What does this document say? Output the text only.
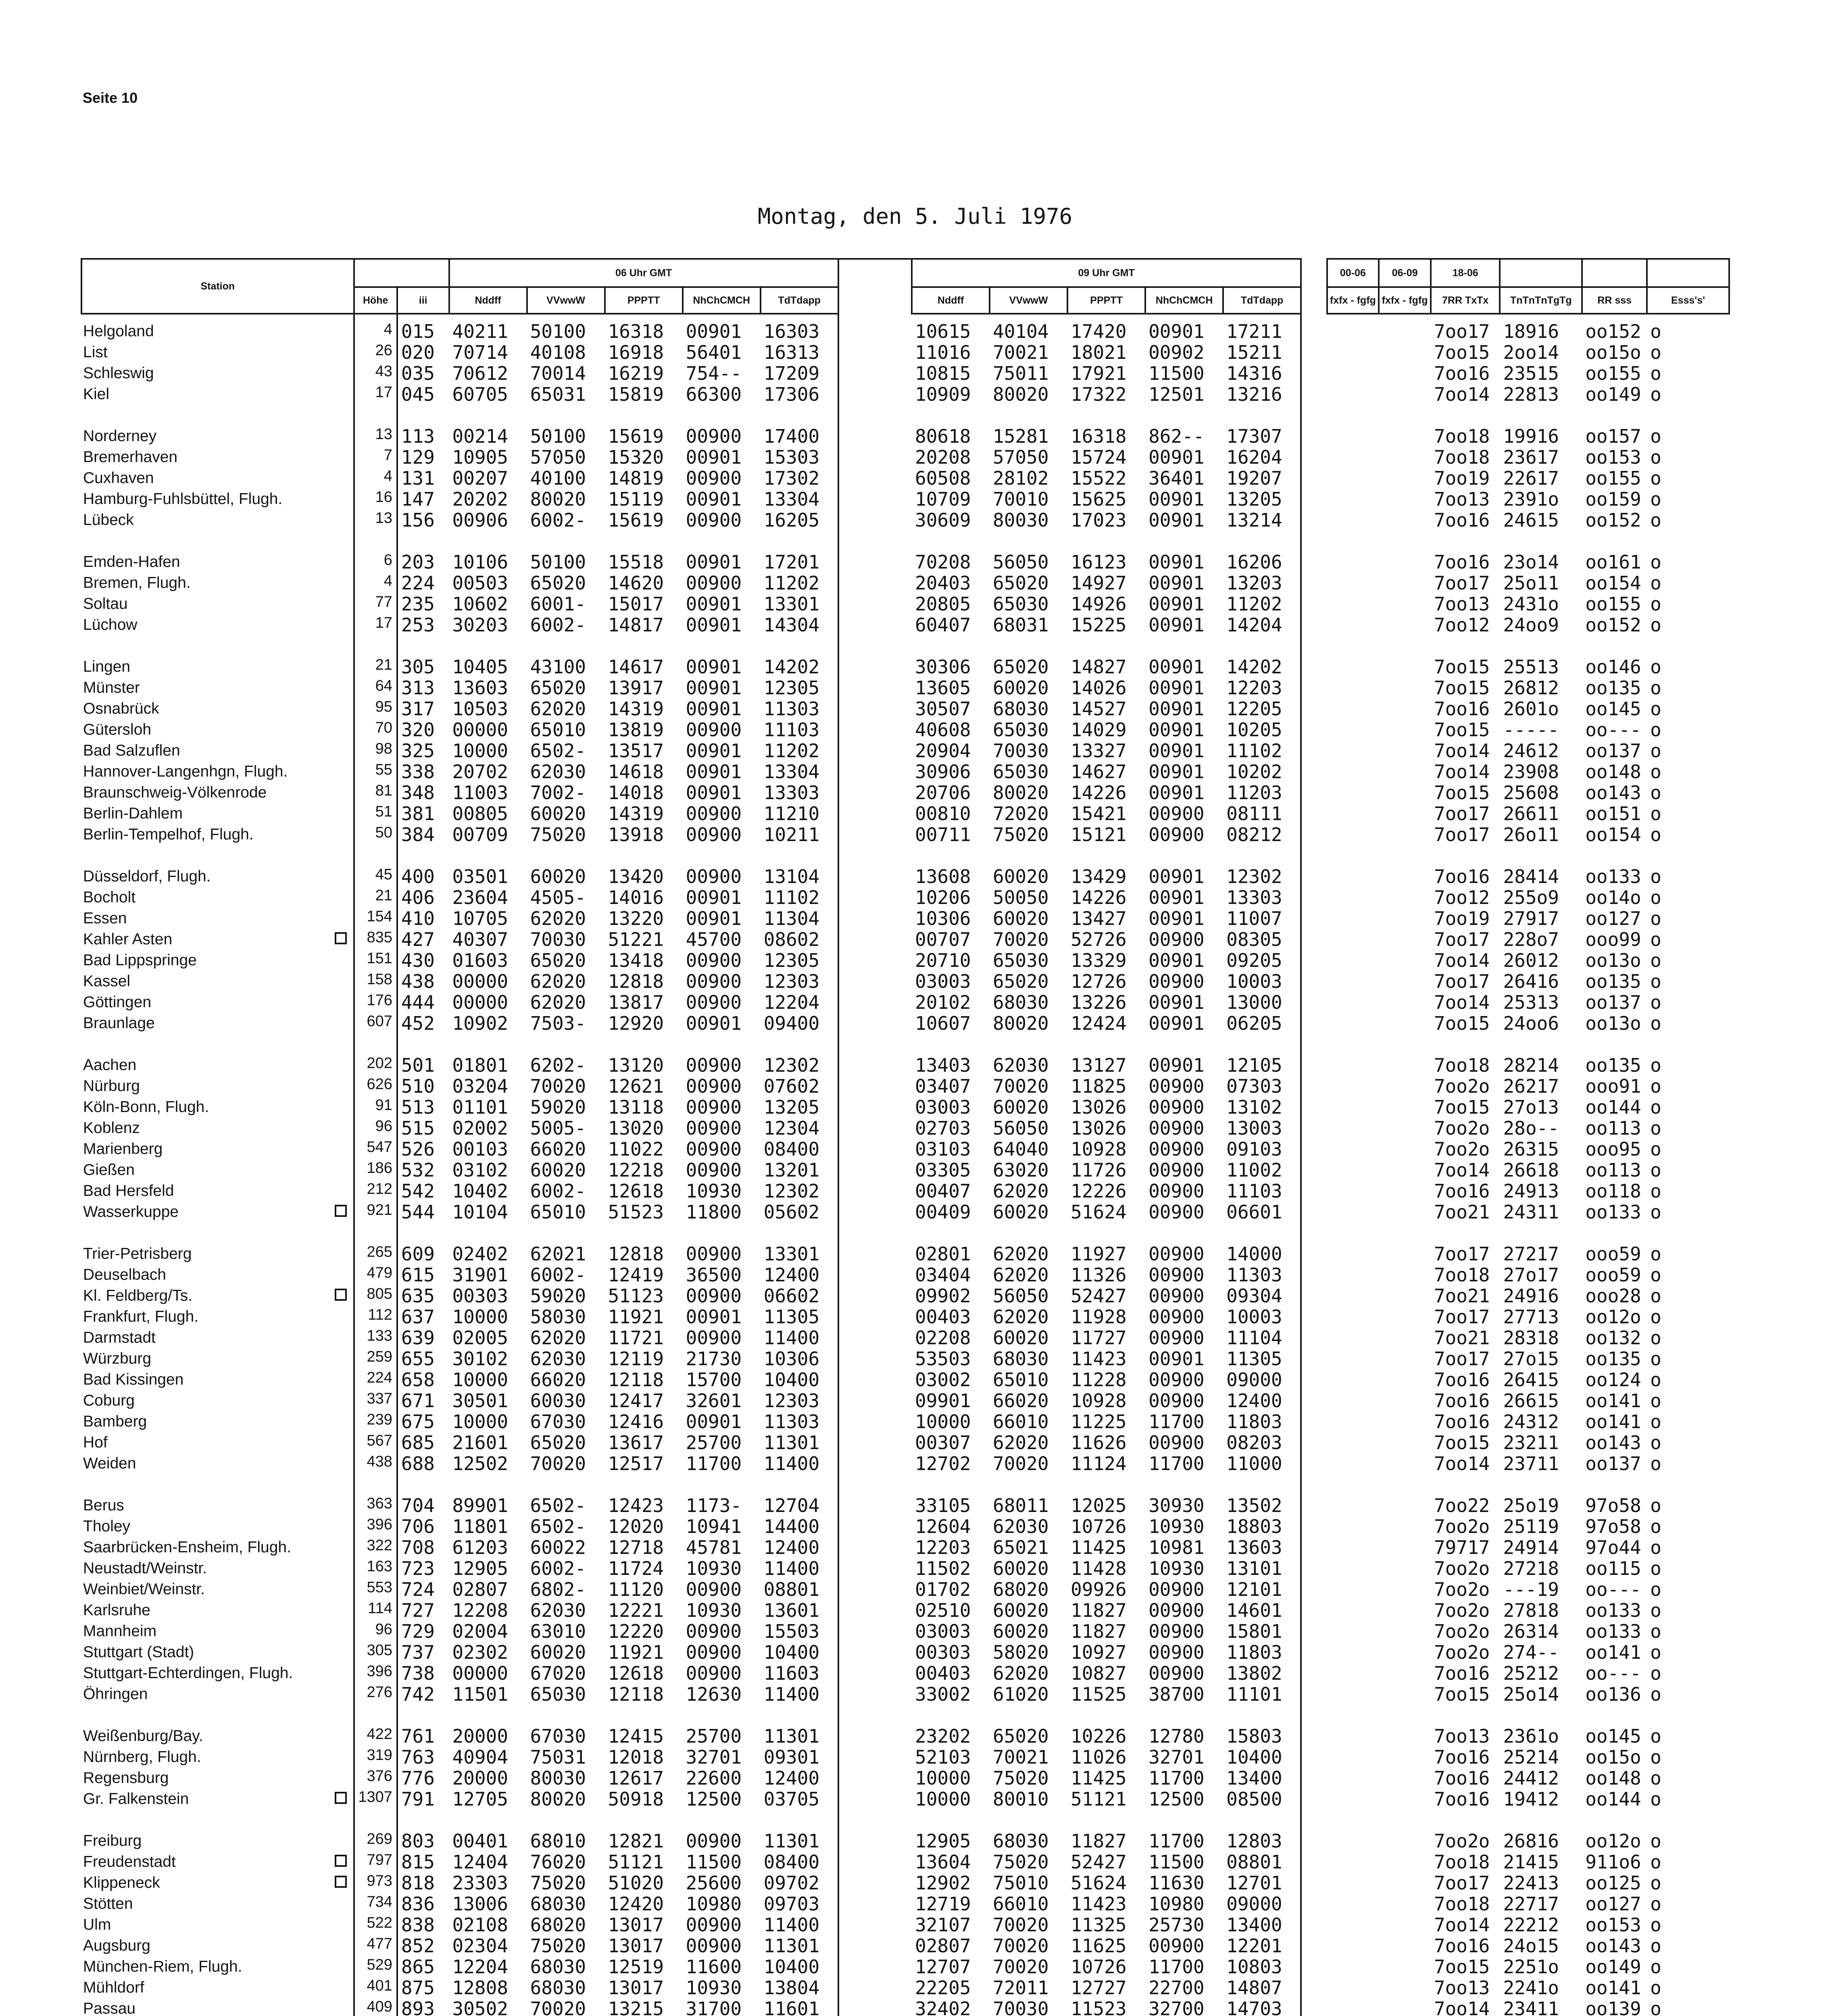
Seite 10
Montag, den 5. Juli 1976
Station			06 Uhr GMT						09 Uhr GMT						00-06	06-09	18-06			
	Höhe	iii	Nddff	VVwwW	PPPTT	NhChCMCH	TdTdapp		Nddff	VVwwW	PPPTT	NhChCMCH	TdTdapp		fxfx - fgfg	fxfx - fgfg	7RR TxTx	TnTnTnTgTg	RR sss	Esss's'
Helgoland	4	015	40211	50100	16318	00901	16303		10615	40104	17420	00901	17211				7oo17	18916	oo152	o
List	26	020	70714	40108	16918	56401	16313		11016	70021	18021	00902	15211				7oo15	2oo14	oo15o	o
Schleswig	43	035	70612	70014	16219	754--	17209		10815	75011	17921	11500	14316				7oo16	23515	oo155	o
Kiel	17	045	60705	65031	15819	66300	17306		10909	80020	17322	12501	13216				7oo14	22813	oo149	o

Norderney	13	113	00214	50100	15619	00900	17400		80618	15281	16318	862--	17307				7oo18	19916	oo157	o
Bremerhaven	7	129	10905	57050	15320	00901	15303		20208	57050	15724	00901	16204				7oo18	23617	oo153	o
Cuxhaven	4	131	00207	40100	14819	00900	17302		60508	28102	15522	36401	19207				7oo19	22617	oo155	o
Hamburg-Fuhlsbüttel, Flugh.	16	147	20202	80020	15119	00901	13304		10709	70010	15625	00901	13205				7oo13	2391o	oo159	o
Lübeck	13	156	00906	6002-	15619	00900	16205		30609	80030	17023	00901	13214				7oo16	24615	oo152	o

Emden-Hafen	6	203	10106	50100	15518	00901	17201		70208	56050	16123	00901	16206				7oo16	23o14	oo161	o
Bremen, Flugh.	4	224	00503	65020	14620	00900	11202		20403	65020	14927	00901	13203				7oo17	25o11	oo154	o
Soltau	77	235	10602	6001-	15017	00901	13301		20805	65030	14926	00901	11202				7oo13	2431o	oo155	o
Lüchow	17	253	30203	6002-	14817	00901	14304		60407	68031	15225	00901	14204				7oo12	24oo9	oo152	o

Lingen	21	305	10405	43100	14617	00901	14202		30306	65020	14827	00901	14202				7oo15	25513	oo146	o
Münster	64	313	13603	65020	13917	00901	12305		13605	60020	14026	00901	12203				7oo15	26812	oo135	o
Osnabrück	95	317	10503	62020	14319	00901	11303		30507	68030	14527	00901	12205				7oo16	2601o	oo145	o
Gütersloh	70	320	00000	65010	13819	00900	11103		40608	65030	14029	00901	10205				7oo15	-----	oo---	o
Bad Salzuflen	98	325	10000	6502-	13517	00901	11202		20904	70030	13327	00901	11102				7oo14	24612	oo137	o
Hannover-Langenhgn, Flugh.	55	338	20702	62030	14618	00901	13304		30906	65030	14627	00901	10202				7oo14	23908	oo148	o
Braunschweig-Völkenrode	81	348	11003	7002-	14018	00901	13303		20706	80020	14226	00901	11203				7oo15	25608	oo143	o
Berlin-Dahlem	51	381	00805	60020	14319	00900	11210		00810	72020	15421	00900	08111				7oo17	26611	oo151	o
Berlin-Tempelhof, Flugh.	50	384	00709	75020	13918	00900	10211		00711	75020	15121	00900	08212				7oo17	26o11	oo154	o

Düsseldorf, Flugh.	45	400	03501	60020	13420	00900	13104		13608	60020	13429	00901	12302				7oo16	28414	oo133	o
Bocholt	21	406	23604	4505-	14016	00901	11102		10206	50050	14226	00901	13303				7oo12	255o9	oo14o	o
Essen	154	410	10705	62020	13220	00901	11304		10306	60020	13427	00901	11007				7oo19	27917	oo127	o
Kahler Asten	835	427	40307	70030	51221	45700	08602		00707	70020	52726	00900	08305				7oo17	228o7	ooo99	o
Bad Lippspringe	151	430	01603	65020	13418	00900	12305		20710	65030	13329	00901	09205				7oo14	26012	oo13o	o
Kassel	158	438	00000	62020	12818	00900	12303		03003	65020	12726	00900	10003				7oo17	26416	oo135	o
Göttingen	176	444	00000	62020	13817	00900	12204		20102	68030	13226	00901	13000				7oo14	25313	oo137	o
Braunlage	607	452	10902	7503-	12920	00901	09400		10607	80020	12424	00901	06205				7oo15	24oo6	oo13o	o

Aachen	202	501	01801	6202-	13120	00900	12302		13403	62030	13127	00901	12105				7oo18	28214	oo135	o
Nürburg	626	510	03204	70020	12621	00900	07602		03407	70020	11825	00900	07303				7oo2o	26217	ooo91	o
Köln-Bonn, Flugh.	91	513	01101	59020	13118	00900	13205		03003	60020	13026	00900	13102				7oo15	27o13	oo144	o
Koblenz	96	515	02002	5005-	13020	00900	12304		02703	56050	13026	00900	13003				7oo2o	28o--	oo113	o
Marienberg	547	526	00103	66020	11022	00900	08400		03103	64040	10928	00900	09103				7oo2o	26315	ooo95	o
Gießen	186	532	03102	60020	12218	00900	13201		03305	63020	11726	00900	11002				7oo14	26618	oo113	o
Bad Hersfeld	212	542	10402	6002-	12618	10930	12302		00407	62020	12226	00900	11103				7oo16	24913	oo118	o
Wasserkuppe	921	544	10104	65010	51523	11800	05602		00409	60020	51624	00900	06601				7oo21	24311	oo133	o

Trier-Petrisberg	265	609	02402	62021	12818	00900	13301		02801	62020	11927	00900	14000				7oo17	27217	ooo59	o
Deuselbach	479	615	31901	6002-	12419	36500	12400		03404	62020	11326	00900	11303				7oo18	27o17	ooo59	o
Kl. Feldberg/Ts.	805	635	00303	59020	51123	00900	06602		09902	56050	52427	00900	09304				7oo21	24916	ooo28	o
Frankfurt, Flugh.	112	637	10000	58030	11921	00901	11305		00403	62020	11928	00900	10003				7oo17	27713	oo12o	o
Darmstadt	133	639	02005	62020	11721	00900	11400		02208	60020	11727	00900	11104				7oo21	28318	oo132	o
Würzburg	259	655	30102	62030	12119	21730	10306		53503	68030	11423	00901	11305				7oo17	27o15	oo135	o
Bad Kissingen	224	658	10000	66020	12118	15700	10400		03002	65010	11228	00900	09000				7oo16	26415	oo124	o
Coburg	337	671	30501	60030	12417	32601	12303		09901	66020	10928	00900	12400				7oo16	26615	oo141	o
Bamberg	239	675	10000	67030	12416	00901	11303		10000	66010	11225	11700	11803				7oo16	24312	oo141	o
Hof	567	685	21601	65020	13617	25700	11301		00307	62020	11626	00900	08203				7oo15	23211	oo143	o
Weiden	438	688	12502	70020	12517	11700	11400		12702	70020	11124	11700	11000				7oo14	23711	oo137	o

Berus	363	704	89901	6502-	12423	1173-	12704		33105	68011	12025	30930	13502				7oo22	25o19	97o58	o
Tholey	396	706	11801	6502-	12020	10941	14400		12604	62030	10726	10930	18803				7oo2o	25119	97o58	o
Saarbrücken-Ensheim, Flugh.	322	708	61203	60022	12718	45781	12400		12203	65021	11425	10981	13603				79717	24914	97o44	o
Neustadt/Weinstr.	163	723	12905	6002-	11724	10930	11400		11502	60020	11428	10930	13101				7oo2o	27218	oo115	o
Weinbiet/Weinstr.	553	724	02807	6802-	11120	00900	08801		01702	68020	09926	00900	12101				7oo2o	---19	oo---	o
Karlsruhe	114	727	12208	62030	12221	10930	13601		02510	60020	11827	00900	14601				7oo2o	27818	oo133	o
Mannheim	96	729	02004	63010	12220	00900	15503		03003	60020	11827	00900	15801				7oo2o	26314	oo133	o
Stuttgart (Stadt)	305	737	02302	60020	11921	00900	10400		00303	58020	10927	00900	11803				7oo2o	274--	oo141	o
Stuttgart-Echterdingen, Flugh.	396	738	00000	67020	12618	00900	11603		00403	62020	10827	00900	13802				7oo16	25212	oo---	o
Öhringen	276	742	11501	65030	12118	12630	11400		33002	61020	11525	38700	11101				7oo15	25o14	oo136	o

Weißenburg/Bay.	422	761	20000	67030	12415	25700	11301		23202	65020	10226	12780	15803				7oo13	2361o	oo145	o
Nürnberg, Flugh.	319	763	40904	75031	12018	32701	09301		52103	70021	11026	32701	10400				7oo16	25214	oo15o	o
Regensburg	376	776	20000	80030	12617	22600	12400		10000	75020	11425	11700	13400				7oo16	24412	oo148	o
Gr. Falkenstein	1307	791	12705	80020	50918	12500	03705		10000	80010	51121	12500	08500				7oo16	19412	oo144	o

Freiburg	269	803	00401	68010	12821	00900	11301		12905	68030	11827	11700	12803				7oo2o	26816	oo12o	o
Freudenstadt	797	815	12404	76020	51121	11500	08400		13604	75020	52427	11500	08801				7oo18	21415	911o6	o
Klippeneck	973	818	23303	75020	51020	25600	09702		12902	75010	51624	11630	12701				7oo17	22413	oo125	o
Stötten	734	836	13006	68030	12420	10980	09703		12719	66010	11423	10980	09000				7oo18	22717	oo127	o
Ulm	522	838	02108	68020	13017	00900	11400		32107	70020	11325	25730	13400				7oo14	22212	oo153	o
Augsburg	477	852	02304	75020	13017	00900	11301		02807	70020	11625	00900	12201				7oo16	24o15	oo143	o
München-Riem, Flugh.	529	865	12204	68030	12519	11600	10400		12707	70020	10726	11700	10803				7oo15	2251o	oo149	o
Mühldorf	401	875	12808	68030	13017	10930	13804		22205	72011	12727	22700	14807				7oo13	2241o	oo141	o
Passau	409	893	30502	70020	13215	31700	11601		32402	70030	11523	32700	14703				7oo14	23411	oo139	o
